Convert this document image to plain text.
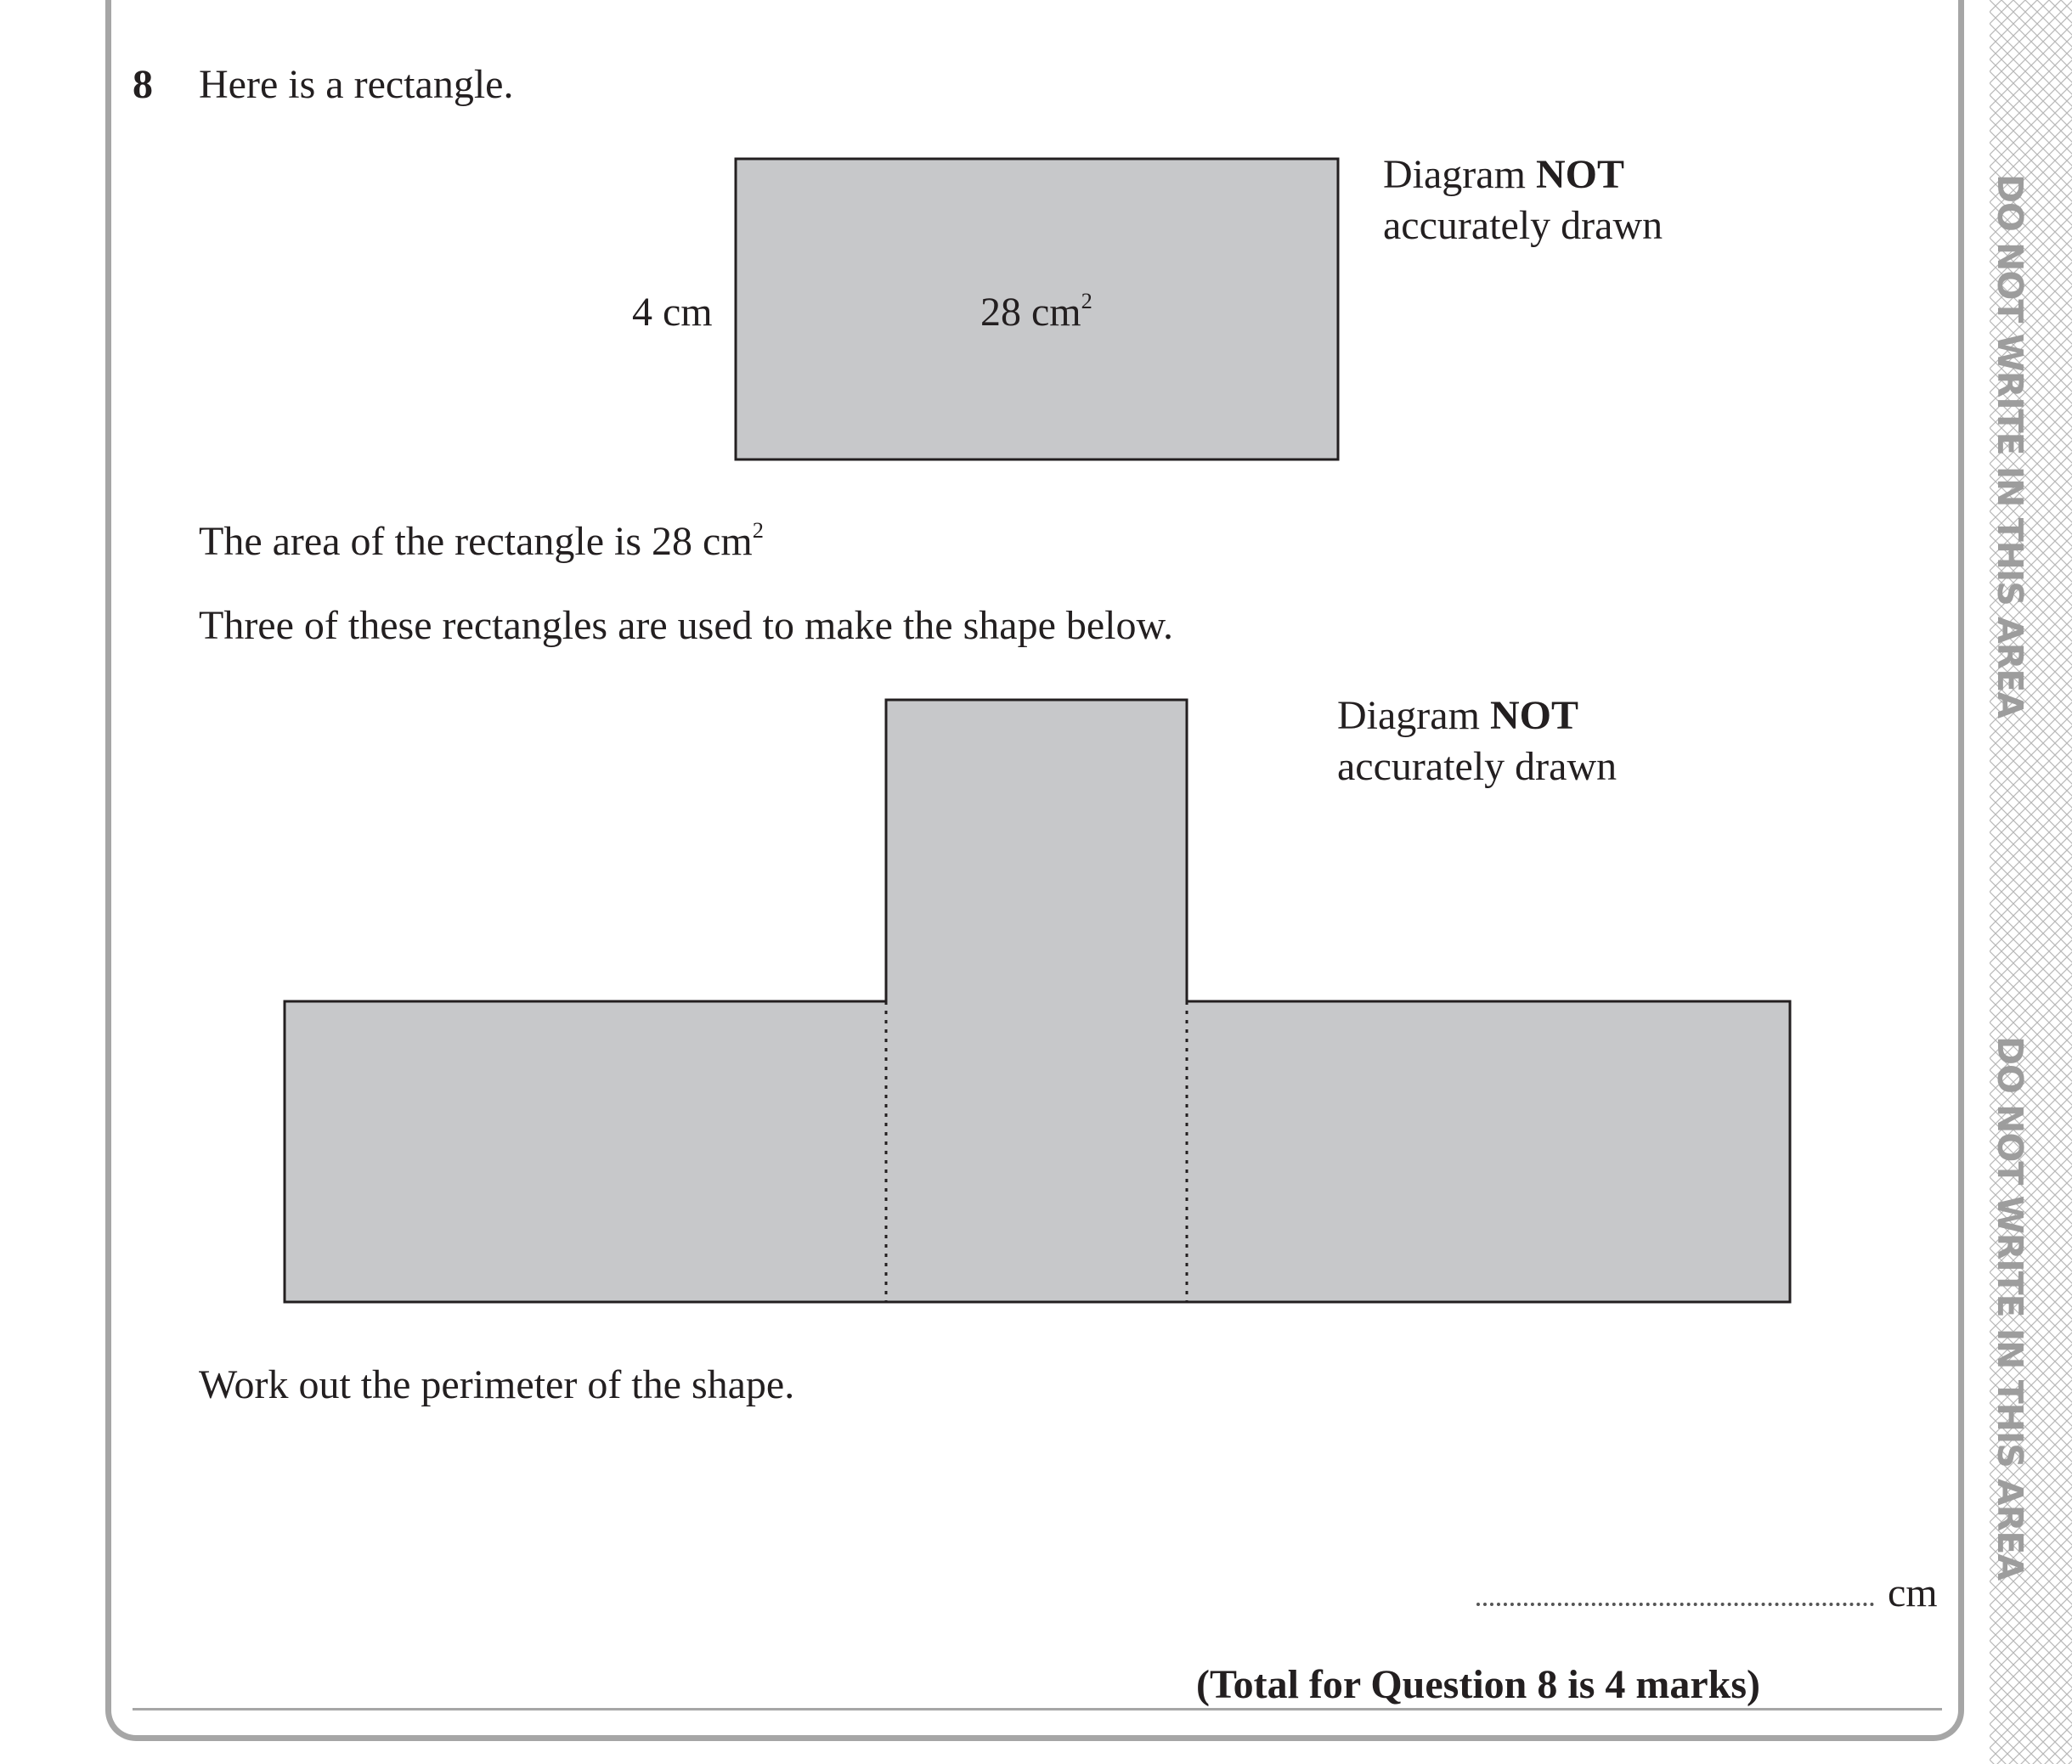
DO NOT WRITE IN THIS AREA
DO NOT WRITE IN THIS AREA
8 Here is a rectangle.
4 cm	28 $cm^2$
Diagram NOT
accurately drawn
The area of the rectangle is 28 $cm^2$
Three of these rectangles are used to make the shape below.
Diagram NOT
accurately drawn
Work out the perimeter of the shape.
cm
(Total for Question 8 is 4 marks)
